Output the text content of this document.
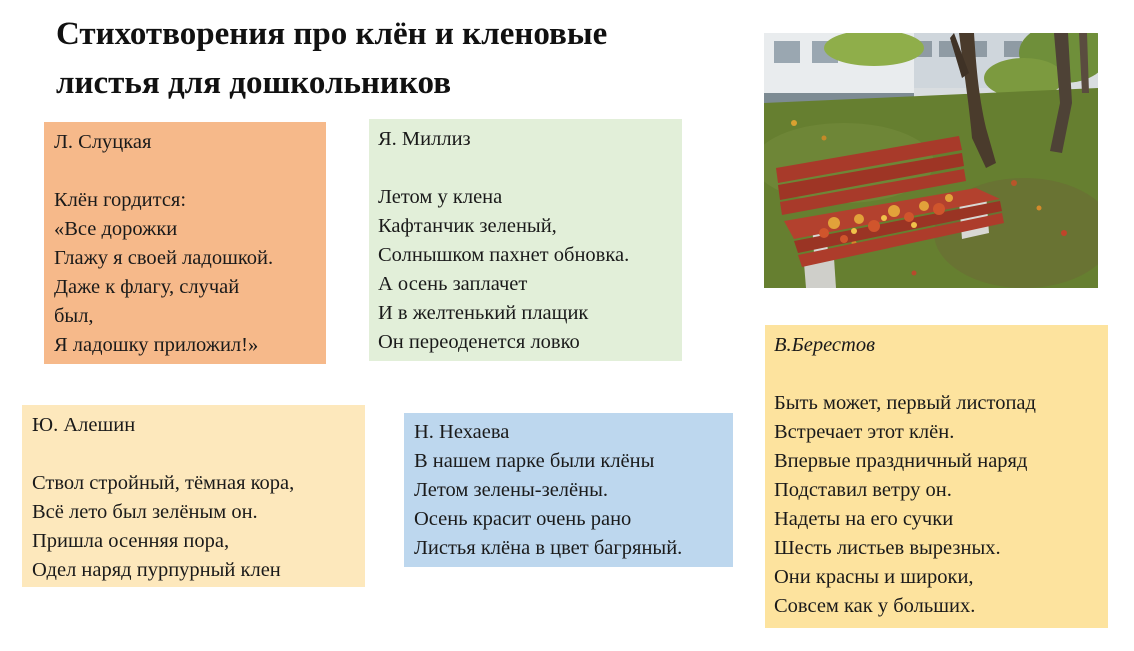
Стихотворения про клён и кленовые
листья для дошкольников
Л. Слуцкая
Клён гордится:
«Все дорожки
Глажу я своей ладошкой.
Даже к флагу, случай
был,
Я ладошку приложил!»
Я. Миллиз
Летом у клена
Кафтанчик зеленый,
Солнышком пахнет обновка.
А осень заплачет
И в желтенький плащик
Он переоденется ловко
Ю. Алешин
Ствол стройный, тёмная кора,
Всё лето был зелёным он.
Пришла осенняя пора,
Одел наряд пурпурный клен
Н. Нехаева
В нашем парке были клёны
Летом зелены-зелёны.
Осень красит очень рано
Листья клёна в цвет багряный.
В.Берестов
Быть может, первый листопад
Встречает этот клён.
Впервые праздничный наряд
Подставил ветру он.
Надеты на его сучки
Шесть листьев вырезных.
Они красны и широки,
Совсем как у больших.
